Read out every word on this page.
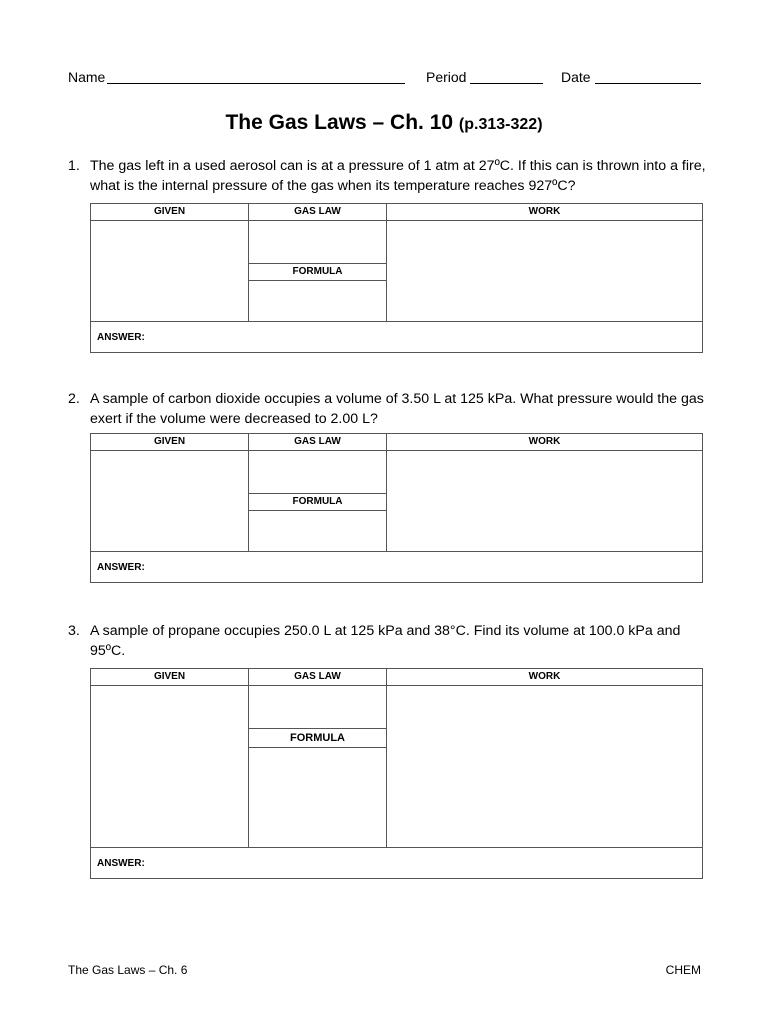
Name	Period	Date
The Gas Laws – Ch. 10 (p.313-322)
1. The gas left in a used aerosol can is at a pressure of 1 atm at 27ºC. If this can is thrown into a fire, what is the internal pressure of the gas when its temperature reaches 927ºC?
GIVEN	GAS LAW	WORK

	FORMULA	

ANSWER:		
2. A sample of carbon dioxide occupies a volume of 3.50 L at 125 kPa. What pressure would the gas exert if the volume were decreased to 2.00 L?
GIVEN	GAS LAW	WORK

	FORMULA	

ANSWER:		
3. A sample of propane occupies 250.0 L at 125 kPa and 38°C. Find its volume at 100.0 kPa and 95ºC.
GIVEN	GAS LAW	WORK

	FORMULA	

ANSWER:		
The Gas Laws – Ch. 6	CHEM
